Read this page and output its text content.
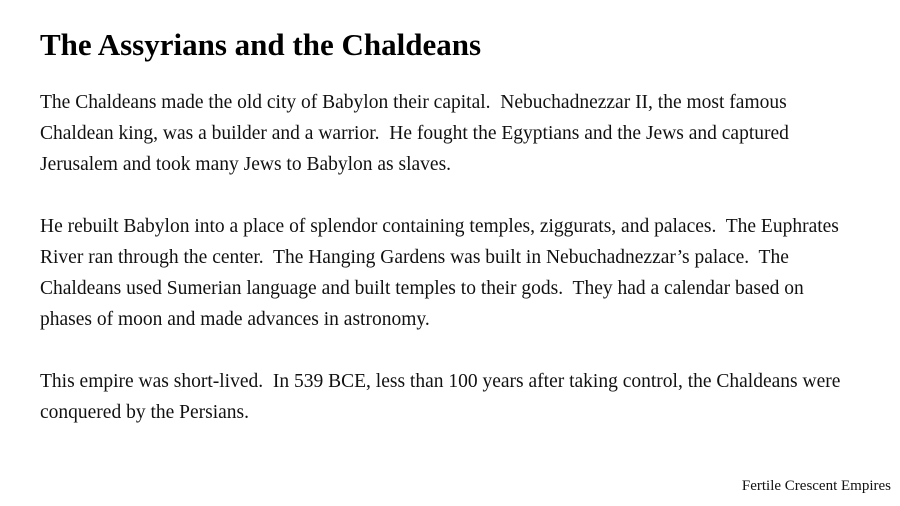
The Assyrians and the Chaldeans

The Chaldeans made the old city of Babylon their capital.  Nebuchadnezzar II, the most famous Chaldean king, was a builder and a warrior.  He fought the Egyptians and the Jews and captured Jerusalem and took many Jews to Babylon as slaves.

He rebuilt Babylon into a place of splendor containing temples, ziggurats, and palaces.  The Euphrates River ran through the center.  The Hanging Gardens was built in Nebuchadnezzar’s palace.  The Chaldeans used Sumerian language and built temples to their gods.  They had a calendar based on phases of moon and made advances in astronomy.

This empire was short-lived.  In 539 BCE, less than 100 years after taking control, the Chaldeans were conquered by the Persians.

Fertile Crescent Empires
